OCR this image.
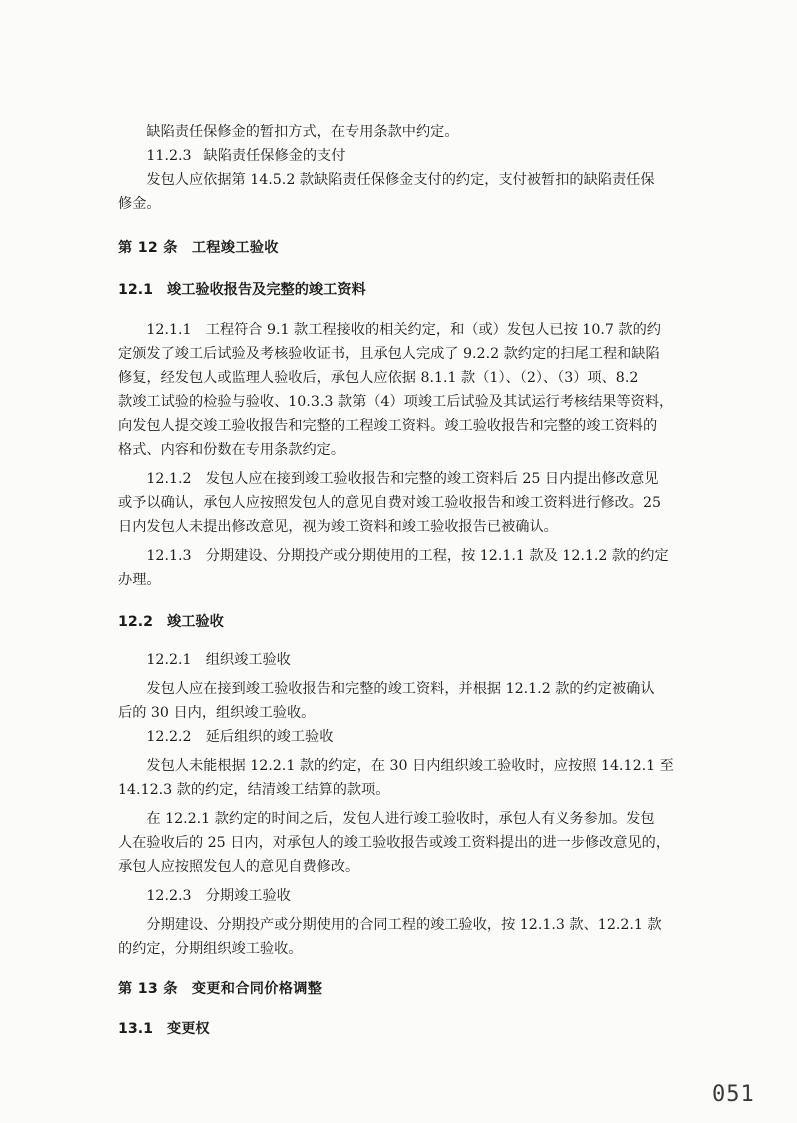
缺陷责任保修金的暂扣方式，在专用条款中约定。

11.2.3 缺陷责任保修金的支付

发包人应依据第 14.5.2 款缺陷责任保修金支付的约定，支付被暂扣的缺陷责任保
修金。

第 12 条 工程竣工验收

12.1 竣工验收报告及完整的竣工资料

12.1.1　工程符合 9.1 款工程接收的相关约定，和（或）发包人已按 10.7 款的约
定颁发了竣工后试验及考核验收证书，且承包人完成了 9.2.2 款约定的扫尾工程和缺陷
修复，经发包人或监理人验收后，承包人应依据 8.1.1 款（1）、（2）、（3）项、8.2
款竣工试验的检验与验收、10.3.3 款第（4）项竣工后试验及其试运行考核结果等资料，
向发包人提交竣工验收报告和完整的工程竣工资料。竣工验收报告和完整的竣工资料的
格式、内容和份数在专用条款约定。

12.1.2　发包人应在接到竣工验收报告和完整的竣工资料后 25 日内提出修改意见
或予以确认，承包人应按照发包人的意见自费对竣工验收报告和竣工资料进行修改。25
日内发包人未提出修改意见，视为竣工资料和竣工验收报告已被确认。

12.1.3　分期建设、分期投产或分期使用的工程，按 12.1.1 款及 12.1.2 款的约定
办理。

12.2 竣工验收

12.2.1　组织竣工验收

发包人应在接到竣工验收报告和完整的竣工资料，并根据 12.1.2 款的约定被确认
后的 30 日内，组织竣工验收。

12.2.2　延后组织的竣工验收

发包人未能根据 12.2.1 款的约定，在 30 日内组织竣工验收时，应按照 14.12.1 至
14.12.3 款的约定，结清竣工结算的款项。

在 12.2.1 款约定的时间之后，发包人进行竣工验收时，承包人有义务参加。发包
人在验收后的 25 日内，对承包人的竣工验收报告或竣工资料提出的进一步修改意见的，
承包人应按照发包人的意见自费修改。

12.2.3　分期竣工验收

分期建设、分期投产或分期使用的合同工程的竣工验收，按 12.1.3 款、12.2.1 款
的约定，分期组织竣工验收。

第 13 条 变更和合同价格调整

13.1 变更权

051
